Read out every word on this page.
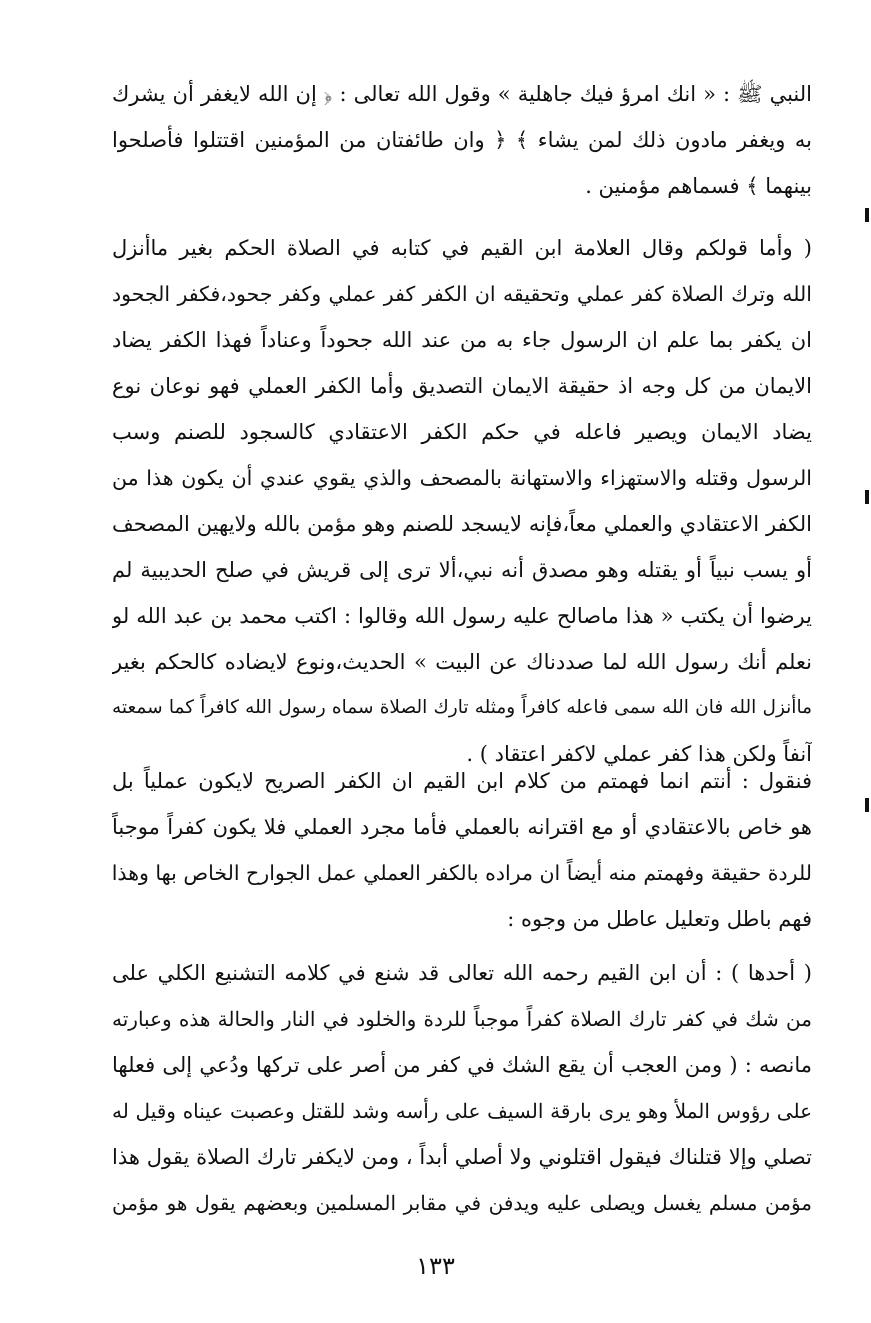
النبي ﷺ : « انك امرؤ فيك جاهلية » وقول الله تعالى : ﴿ إن الله لايغفر أن يشرك
به ويغفر مادون ذلك لمن يشاء ﴾ ﴿ وان طائفتان من المؤمنين اقتتلوا فأصلحوا
بينهما ﴾ فسماهم مؤمنين .
( وأما قولكم وقال العلامة ابن القيم في كتابه في الصلاة الحكم بغير ماأنزل
الله وترك الصلاة كفر عملي وتحقيقه ان الكفر كفر عملي وكفر جحود،فكفر الجحود
ان يكفر بما علم ان الرسول جاء به من عند الله جحوداً وعناداً فهذا الكفر يضاد
الايمان من كل وجه اذ حقيقة الايمان التصديق وأما الكفر العملي فهو نوعان نوع
يضاد الايمان ويصير فاعله في حكم الكفر الاعتقادي كالسجود للصنم وسب
الرسول وقتله والاستهزاء والاستهانة بالمصحف والذي يقوي عندي أن يكون هذا من
الكفر الاعتقادي والعملي معاً،فإنه لايسجد للصنم وهو مؤمن بالله ولايهين المصحف
أو يسب نبياً أو يقتله وهو مصدق أنه نبي،ألا ترى إلى قريش في صلح الحديبية لم
يرضوا أن يكتب « هذا ماصالح عليه رسول الله وقالوا : اكتب محمد بن عبد الله لو
نعلم أنك رسول الله لما صددناك عن البيت » الحديث،ونوع لايضاده كالحكم بغير
ماأنزل الله فان الله سمى فاعله كافراً ومثله تارك الصلاة سماه رسول الله كافراً كما سمعته
آنفاً ولكن هذا كفر عملي لاكفر اعتقاد ) .
فنقول : أنتم انما فهمتم من كلام ابن القيم ان الكفر الصريح لايكون عملياً بل
هو خاص بالاعتقادي أو مع اقترانه بالعملي فأما مجرد العملي فلا يكون كفراً موجباً
للردة حقيقة وفهمتم منه أيضاً ان مراده بالكفر العملي عمل الجوارح الخاص بها وهذا
فهم باطل وتعليل عاطل من وجوه :
( أحدها ) : أن ابن القيم رحمه الله تعالى قد شنع في كلامه التشنيع الكلي على
من شك في كفر تارك الصلاة كفراً موجباً للردة والخلود في النار والحالة هذه وعبارته
مانصه : ( ومن العجب أن يقع الشك في كفر من أصر على تركها ودُعي إلى فعلها
على رؤوس الملأ وهو يرى بارقة السيف على رأسه وشد للقتل وعصبت عيناه وقيل له
تصلي وإلا قتلناك فيقول اقتلوني ولا أصلي أبداً ، ومن لايكفر تارك الصلاة يقول هذا
مؤمن مسلم يغسل ويصلى عليه ويدفن في مقابر المسلمين وبعضهم يقول هو مؤمن
١٣٣
